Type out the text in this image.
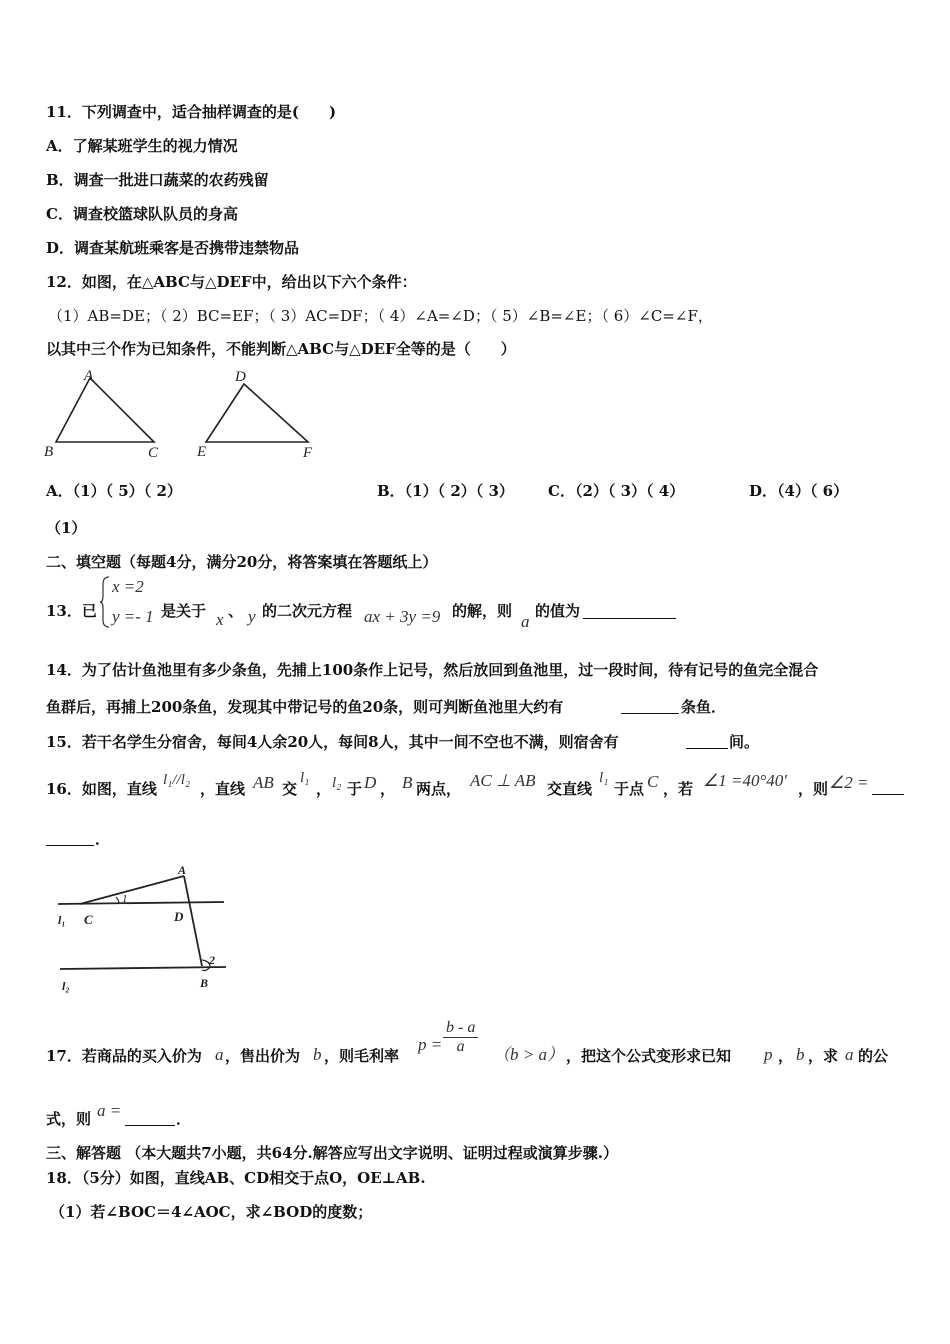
11．下列调查中，适合抽样调查的是(　　)
A．了解某班学生的视力情况
B．调查一批进口蔬菜的农药残留
C．调查校篮球队队员的身高
D．调查某航班乘客是否携带违禁物品
12．如图，在△ABC与△DEF中，给出以下六个条件：
（1）AB=DE；（ 2）BC=EF；（ 3）AC=DF；（ 4）∠A=∠D；（ 5）∠B=∠E；（ 6）∠C=∠F，
以其中三个作为已知条件，不能判断△ABC与△DEF全等的是（　　）
A
B	C
D
E	F
A．（1）（ 5）（ 2）	B．（1）（ 2）（ 3） C．（2）（ 3）（ 4）	D．（4）（ 6）
（1）
二、填空题（每题4分，满分20分，将答案填在答题纸上）
13．已
x =2
y =- 1 是关于 x 、 y 的二次元方程 ax + 3y =9 的解，则
a
的值为
14．为了估计鱼池里有多少条鱼，先捕上100条作上记号，然后放回到鱼池里，过一段时间，待有记号的鱼完全混合
鱼群后，再捕上200条鱼，发现其中带记号的鱼20条，则可判断鱼池里大约有	条鱼．
15．若干名学生分宿舍，每间4人余20人，每间8人，其中一间不空也不满，则宿舍有	间。
16．如图，直线 l₁//l₂ ，直线 AB 交
l₁
， l₂ 于 D ， B 两点， AC ⊥ AB 交直线
l₁
于点 C ，若 ∠1 =40°40′ ，则 ∠2 =
．
A
C
1
D
l₁
2
B
l₂
17．若商品的买入价为 a ，售出价为 b ，则毛利率
$p = \frac{b - a}{a} (b > a)$ ，把这个公式变形求已知 p ， b ，求 a 的公
式，则 a =	．
三、解答题 （本大题共7小题，共64分.解答应写出文字说明、证明过程或演算步骤.）
18．（5分）如图，直线AB、CD相交于点O，OE⊥AB.
（1）若∠BOC＝4∠AOC，求∠BOD的度数；
